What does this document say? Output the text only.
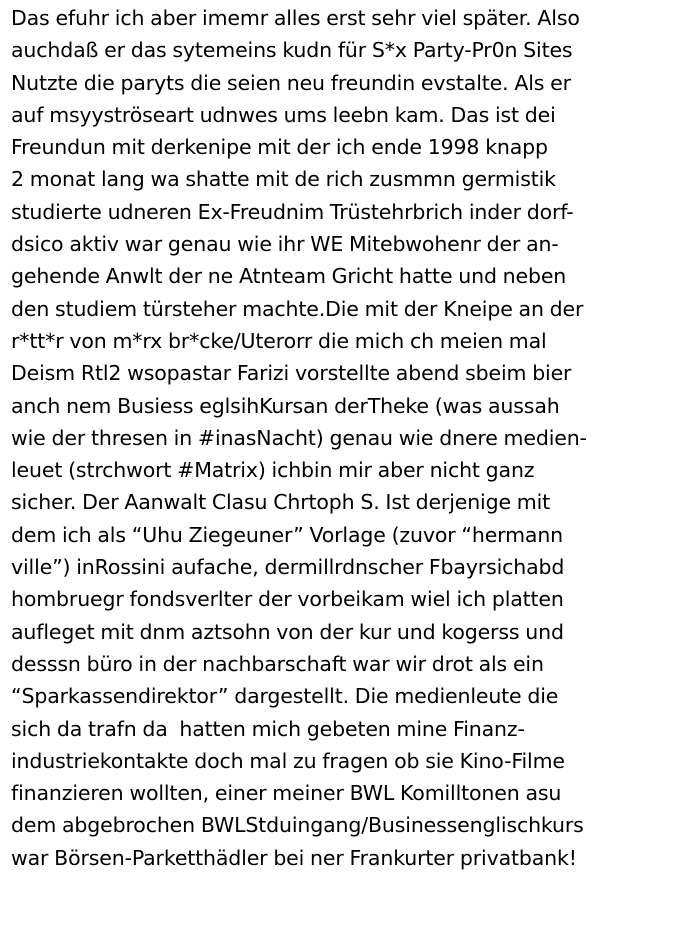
Das efuhr ich aber imemr alles erst sehr viel später. Also
auchdaß er das sytemeins kudn für S*x Party-Pr0n Sites
Nutzte die paryts die seien neu freundin evstalte. Als er
auf msyyströseart udnwes ums leebn kam. Das ist dei
Freundun mit derkenipe mit der ich ende 1998 knapp
2 monat lang wa shatte mit de rich zusmmn germistik
studierte udneren Ex-Freudnim Trüstehrbrich inder dorf-
dsico aktiv war genau wie ihr WE Mitebwohenr der an-
gehende Anwlt der ne Atnteam Gricht hatte und neben
den studiem türsteher machte.Die mit der Kneipe an der
r*tt*r von m*rx br*cke/Uterorr die mich ch meien mal
Deism Rtl2 wsopastar Farizi vorstellte abend sbeim bier
anch nem Busiess eglsihKursan derTheke (was aussah
wie der thresen in #inasNacht) genau wie dnere medien-
leuet (strchwort #Matrix) ichbin mir aber nicht ganz
sicher. Der Aanwalt Clasu Chrtoph S. Ist derjenige mit
dem ich als “Uhu Ziegeuner” Vorlage (zuvor “hermann
ville”) inRossini aufache, dermillrdnscher Fbayrsichabd
hombruegr fondsverlter der vorbeikam wiel ich platten
aufleget mit dnm aztsohn von der kur und kogerss und
desssn büro in der nachbarschaft war wir drot als ein
“Sparkassendirektor” dargestellt. Die medienleute die
sich da trafn da  hatten mich gebeten mine Finanz-
industriekontakte doch mal zu fragen ob sie Kino-Filme
finanzieren wollten, einer meiner BWL Komilltonen asu
dem abgebrochen BWLStduingang/Businessenglischkurs
war Börsen-Parketthädler bei ner Frankurter privatbank!
